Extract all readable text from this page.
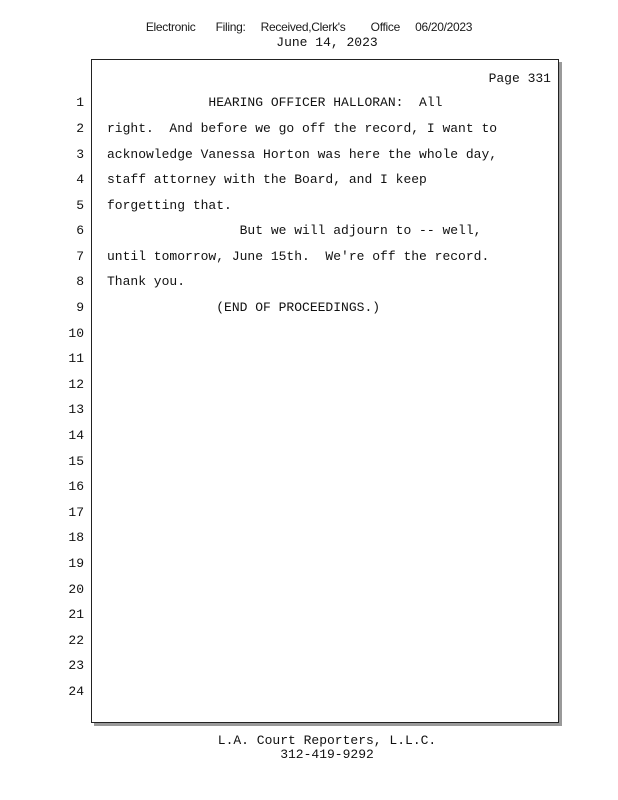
Electronic    Filing:   Received,Clerk's     Office   06/20/2023
June 14, 2023
Page 331
1
2
3
4
5
6
7
8
9
10
11
12
13
14
15
16
17
18
19
20
21
22
23
24
HEARING OFFICER HALLORAN:  All
right.  And before we go off the record, I want to
acknowledge Vanessa Horton was here the whole day,
staff attorney with the Board, and I keep
forgetting that.
But we will adjourn to -- well,
until tomorrow, June 15th.  We're off the record.
Thank you.
(END OF PROCEEDINGS.)
L.A. Court Reporters, L.L.C.
312-419-9292
